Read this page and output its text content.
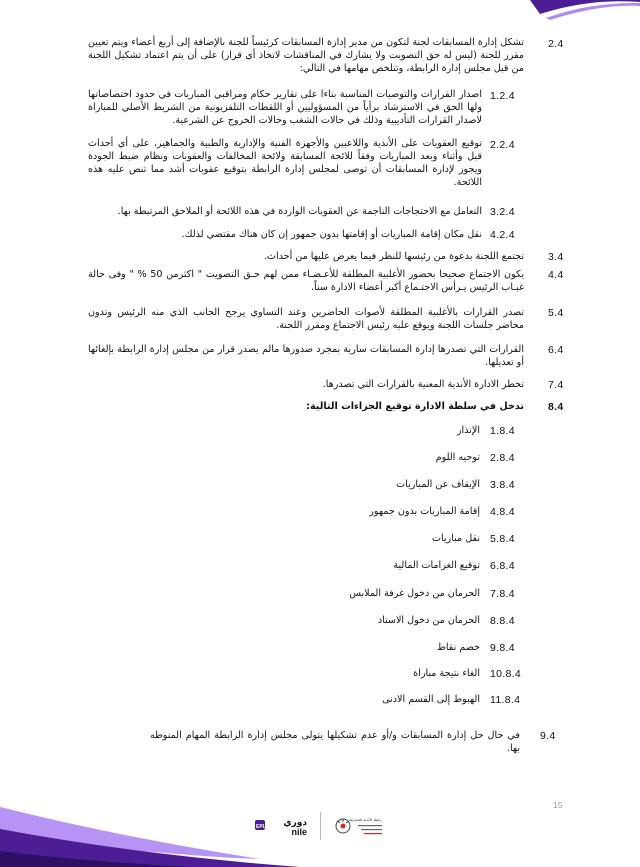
2.4
تشكل إدارة المسابقات لجنة لتكون من مدير إدارة المسابقات كرئيساً للجنة بالإضافة إلى أربع أعضاء ويتم تعيين مقرر للجنة (ليس له حق التصويت ولا يشارك في المناقشات لاتخاذ أي قرار) على أن يتم اعتماد تشكيل اللجنة من قبل مجلس إدارة الرابطة، وتتلخص مهامها في التالي:
1.2.4
اصدار القرارات والتوصيات المناسبة بناءا على تقارير حكام ومراقبي المباريات في حدود اختصاصاتها ولها الحق في الاسترشاد برأياً من المسؤوليين أو اللقطات التلفزيونية من الشريط الأصلي للمباراة لاصدار القرارات التأديبية وذلك في حالات الشغب وحالات الخروج عن الشرعية.
2.2.4
توقيع العقوبات على الأندية واللاعبين والأجهزة الفنية والإدارية والطبية والجماهير، على أي أحداث قبل وأثناء وبعد المباريات وفقاً للائحة المسابقة ولائحة المخالفات والعقوبات ونظام ضبط الجودة ويجوز لإدارة المسابقات أن توصى لمجلس إدارة الرابطة بتوقيع عقوبات أشد مما تنص عليه هذه اللائحة.
3.2.4
التعامل مع الاحتجاجات الناجمة عن العقوبات الواردة في هذه اللائحة أو الملاحق المرتبطة بها.
4.2.4
نقل مكان إقامة المباريات أو إقامتها بدون جمهور إن كان هناك مقتضي لذلك.
3.4
تجتمع اللجنة بدعوة من رئيسها للنظر فيما يعرض عليها من أحداث.
4.4
يكون الاجتماع صحيحا بحضور الأغلبية المطلقة للأعـضـاء ممن لهم حـق التصويت " اكثرمن 50 % " وفى حالة غيـاب الرئيس يـرأس الاجتـماع أكبر أعضاء الادارة سناً.
5.4
تصدر القرارات بالأغلبية المطلقة لأصوات الحاضرين وعند التساوي يرجح الجانب الذي منه الرئيس وتدون محاضر جلسات اللجنة ويوقع عليه رئيس الاجتماع ومقرر اللجنة.
6.4
القرارات التي تصدرها إدارة المسابقات سارية بمجرد صدورها مالم يصدر قرار من مجلس إدارة الرابطة بإلغائها أو تعديلها.
7.4
تخطر الادارة الأندية المعنية بالقرارات التي تصدرها.
8.4
تدخل في سلطة الادارة توقيع الجزاءات التالية:
1.8.4
الإنذار
2.8.4
توجيه اللوم
3.8.4
الإيقاف عن المباريات
4.8.4
إقامة المباريات بدون جمهور
5.8.4
نقل مباريات
6.8.4
توقيع الغرامات المالية
7.8.4
الحرمان من دخول غرفة الملابس
8.8.4
الحرمان من دخول الاستاد
9.8.4
خصم نقاط
10.8.4
الغاء نتيجة مباراة
11.8.4
الهبوط إلى القسم الادنى
9.4
في حال حل إدارة المسابقات و/أو عدم تشكيلها يتولى مجلس إدارة الرابطة المهام المنوطه بها.
15
EPL دوري
nile
رابطة الأندية المحترفة
